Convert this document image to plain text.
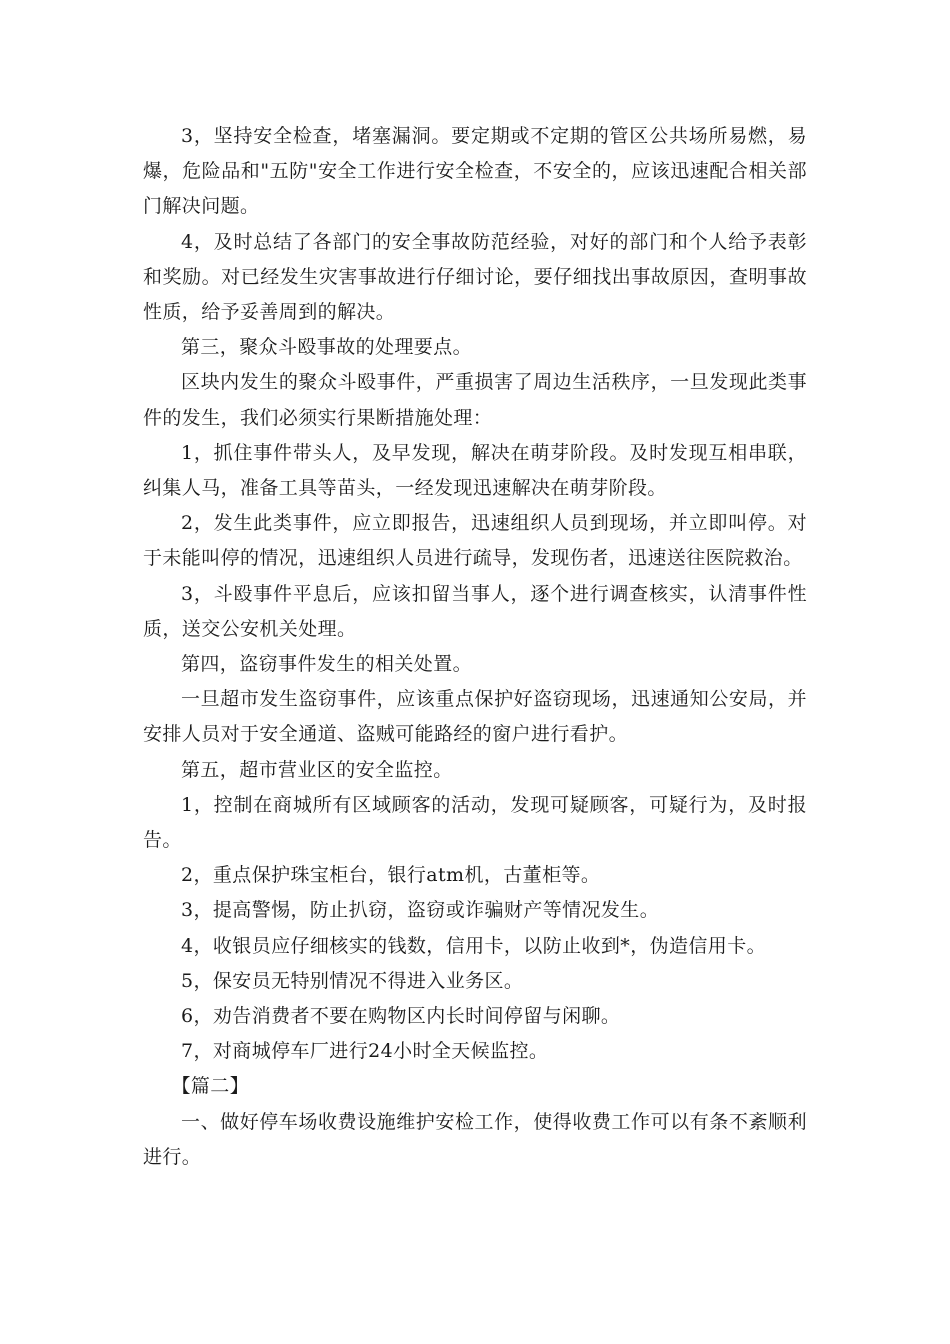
3，坚持安全检查，堵塞漏洞。要定期或不定期的管区公共场所易燃，易爆，危险品和"五防"安全工作进行安全检查，不安全的，应该迅速配合相关部门解决问题。

4，及时总结了各部门的安全事故防范经验，对好的部门和个人给予表彰和奖励。对已经发生灾害事故进行仔细讨论，要仔细找出事故原因，查明事故性质，给予妥善周到的解决。

第三，聚众斗殴事故的处理要点。

区块内发生的聚众斗殴事件，严重损害了周边生活秩序，一旦发现此类事件的发生，我们必须实行果断措施处理：

1，抓住事件带头人，及早发现，解决在萌芽阶段。及时发现互相串联，纠集人马，准备工具等苗头，一经发现迅速解决在萌芽阶段。

2，发生此类事件，应立即报告，迅速组织人员到现场，并立即叫停。对于未能叫停的情况，迅速组织人员进行疏导，发现伤者，迅速送往医院救治。

3，斗殴事件平息后，应该扣留当事人，逐个进行调查核实，认清事件性质，送交公安机关处理。

第四，盗窃事件发生的相关处置。

一旦超市发生盗窃事件，应该重点保护好盗窃现场，迅速通知公安局，并安排人员对于安全通道、盗贼可能路经的窗户进行看护。

第五，超市营业区的安全监控。

1，控制在商城所有区域顾客的活动，发现可疑顾客，可疑行为，及时报告。

2，重点保护珠宝柜台，银行atm机，古董柜等。

3，提高警惕，防止扒窃，盗窃或诈骗财产等情况发生。

4，收银员应仔细核实的钱数，信用卡，以防止收到*，伪造信用卡。

5，保安员无特别情况不得进入业务区。

6，劝告消费者不要在购物区内长时间停留与闲聊。

7，对商城停车厂进行24小时全天候监控。

【篇二】

一、做好停车场收费设施维护安检工作，使得收费工作可以有条不紊顺利进行。
